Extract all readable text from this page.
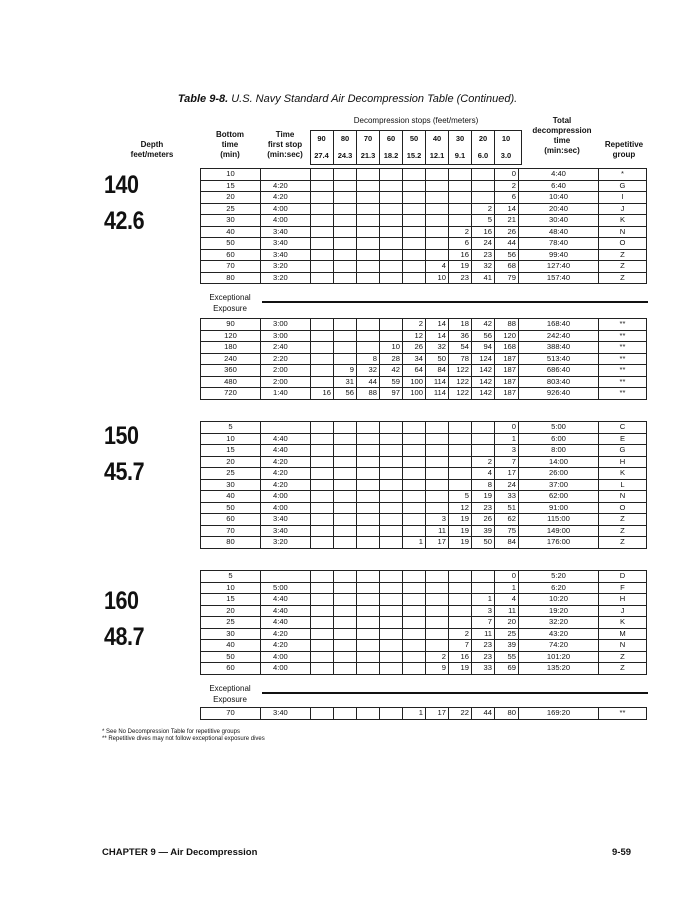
Table 9-8. U.S. Navy Standard Air Decompression Table (Continued).
Depth
feet/meters
Bottom
time
(min)
Time
first stop
(min:sec)
Decompression stops (feet/meters)
90
27.4
80
24.3
70
21.3
60
18.2
50
15.2
40
12.1
30
9.1
20
6.0
10
3.0
Total
decompression
time
(min:sec)
Repetitive
group
140
42.6
150
45.7
160
48.7
Exceptional
Exposure
Exceptional
Exposure
10										0	4:40	*
15	4:20									2	6:40	G
20	4:20									6	10:40	I
25	4:00								2	14	20:40	J
30	4:00								5	21	30:40	K
40	3:40							2	16	26	48:40	N
50	3:40							6	24	44	78:40	O
60	3:40							16	23	56	99:40	Z
70	3:20						4	19	32	68	127:40	Z
80	3:20						10	23	41	79	157:40	Z
90	3:00					2	14	18	42	88	168:40	**
120	3:00					12	14	36	56	120	242:40	**
180	2:40				10	26	32	54	94	168	388:40	**
240	2:20			8	28	34	50	78	124	187	513:40	**
360	2:00		9	32	42	64	84	122	142	187	686:40	**
480	2:00		31	44	59	100	114	122	142	187	803:40	**
720	1:40	16	56	88	97	100	114	122	142	187	926:40	**
5										0	5:00	C
10	4:40									1	6:00	E
15	4:40									3	8:00	G
20	4:20								2	7	14:00	H
25	4:20								4	17	26:00	K
30	4:20								8	24	37:00	L
40	4:00							5	19	33	62:00	N
50	4:00							12	23	51	91:00	O
60	3:40						3	19	26	62	115:00	Z
70	3:40						11	19	39	75	149:00	Z
80	3:20					1	17	19	50	84	176:00	Z
5										0	5:20	D
10	5:00									1	6:20	F
15	4:40								1	4	10:20	H
20	4:40								3	11	19:20	J
25	4:40								7	20	32:20	K
30	4:20							2	11	25	43:20	M
40	4:20							7	23	39	74:20	N
50	4:00						2	16	23	55	101:20	Z
60	4:00						9	19	33	69	135:20	Z
70	3:40					1	17	22	44	80	169:20	**
* See No Decompression Table for repetitive groups
** Repetitive dives may not follow exceptional exposure dives
CHAPTER 9 — Air Decompression	9-59
